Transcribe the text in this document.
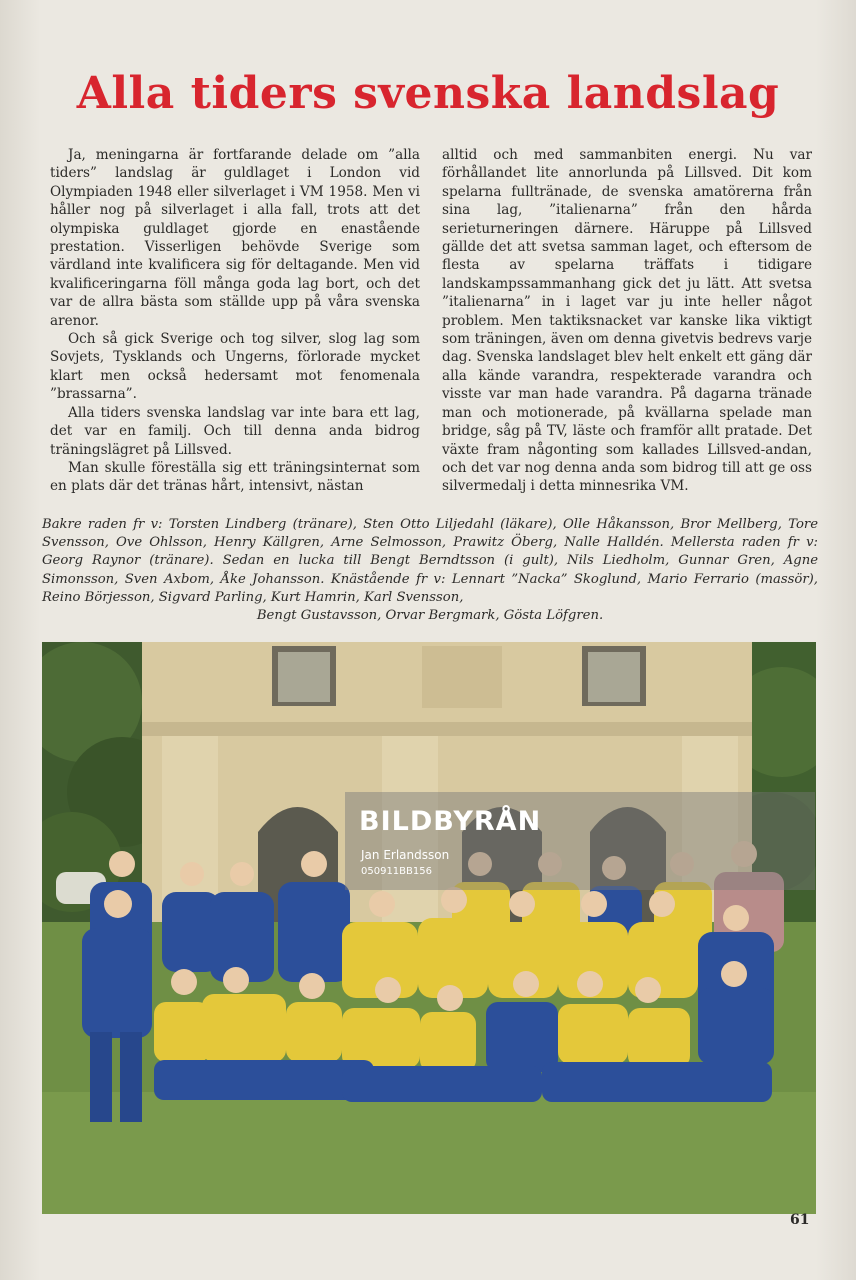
Alla tiders svenska landslag

Ja, meningarna är fortfarande delade om ”alla tiders” landslag är guldlaget i London vid Olympiaden 1948 eller silverlaget i VM 1958. Men vi håller nog på silverlaget i alla fall, trots att det olympiska guldlaget gjorde en enastående prestation. Visserligen behövde Sverige som värdland inte kvalificera sig för deltagande. Men vid kvalificeringarna föll många goda lag bort, och det var de allra bästa som ställde upp på våra svenska arenor.

Och så gick Sverige och tog silver, slog lag som Sovjets, Tysklands och Ungerns, förlorade mycket klart men också hedersamt mot fenomenala ”brassarna”.

Alla tiders svenska landslag var inte bara ett lag, det var en familj. Och till denna anda bidrog träningslägret på Lillsved.

Man skulle föreställa sig ett träningsinternat som en plats där det tränas hårt, intensivt, nästan

alltid och med sammanbiten energi. Nu var förhållandet lite annorlunda på Lillsved. Dit kom spelarna fulltränade, de svenska amatörerna från sina lag, ”italienarna” från den hårda serieturneringen därnere. Häruppe på Lillsved gällde det att svetsa samman laget, och eftersom de flesta av spelarna träffats i tidigare landskampssammanhang gick det ju lätt. Att svetsa ”italienarna” in i laget var ju inte heller något problem. Men taktiksnacket var kanske lika viktigt som träningen, även om denna givetvis bedrevs varje dag. Svenska landslaget blev helt enkelt ett gäng där alla kände varandra, respekterade varandra och visste var man hade varandra. På dagarna tränade man och motionerade, på kvällarna spelade man bridge, såg på TV, läste och framför allt pratade. Det växte fram någonting som kallades Lillsved-andan, och det var nog denna anda som bidrog till att ge oss silvermedalj i detta minnesrika VM.

Bakre raden fr v: Torsten Lindberg (tränare), Sten Otto Liljedahl (läkare), Olle Håkansson, Bror Mellberg, Tore Svensson, Ove Ohlsson, Henry Källgren, Arne Selmosson, Prawitz Öberg, Nalle Halldén. Mellersta raden fr v: Georg Raynor (tränare). Sedan en lucka till Bengt Berndtsson (i gult), Nils Liedholm, Gunnar Gren, Agne Simonsson, Sven Axbom, Åke Johansson. Knästående fr v: Lennart ”Nacka” Skoglund, Mario Ferrario (massör), Reino Börjesson, Sigvard Parling, Kurt Hamrin, Karl Svensson,

Bengt Gustavsson, Orvar Bergmark, Gösta Löfgren.

BILDBYRÅN
Jan Erlandsson
050911BB156
61
